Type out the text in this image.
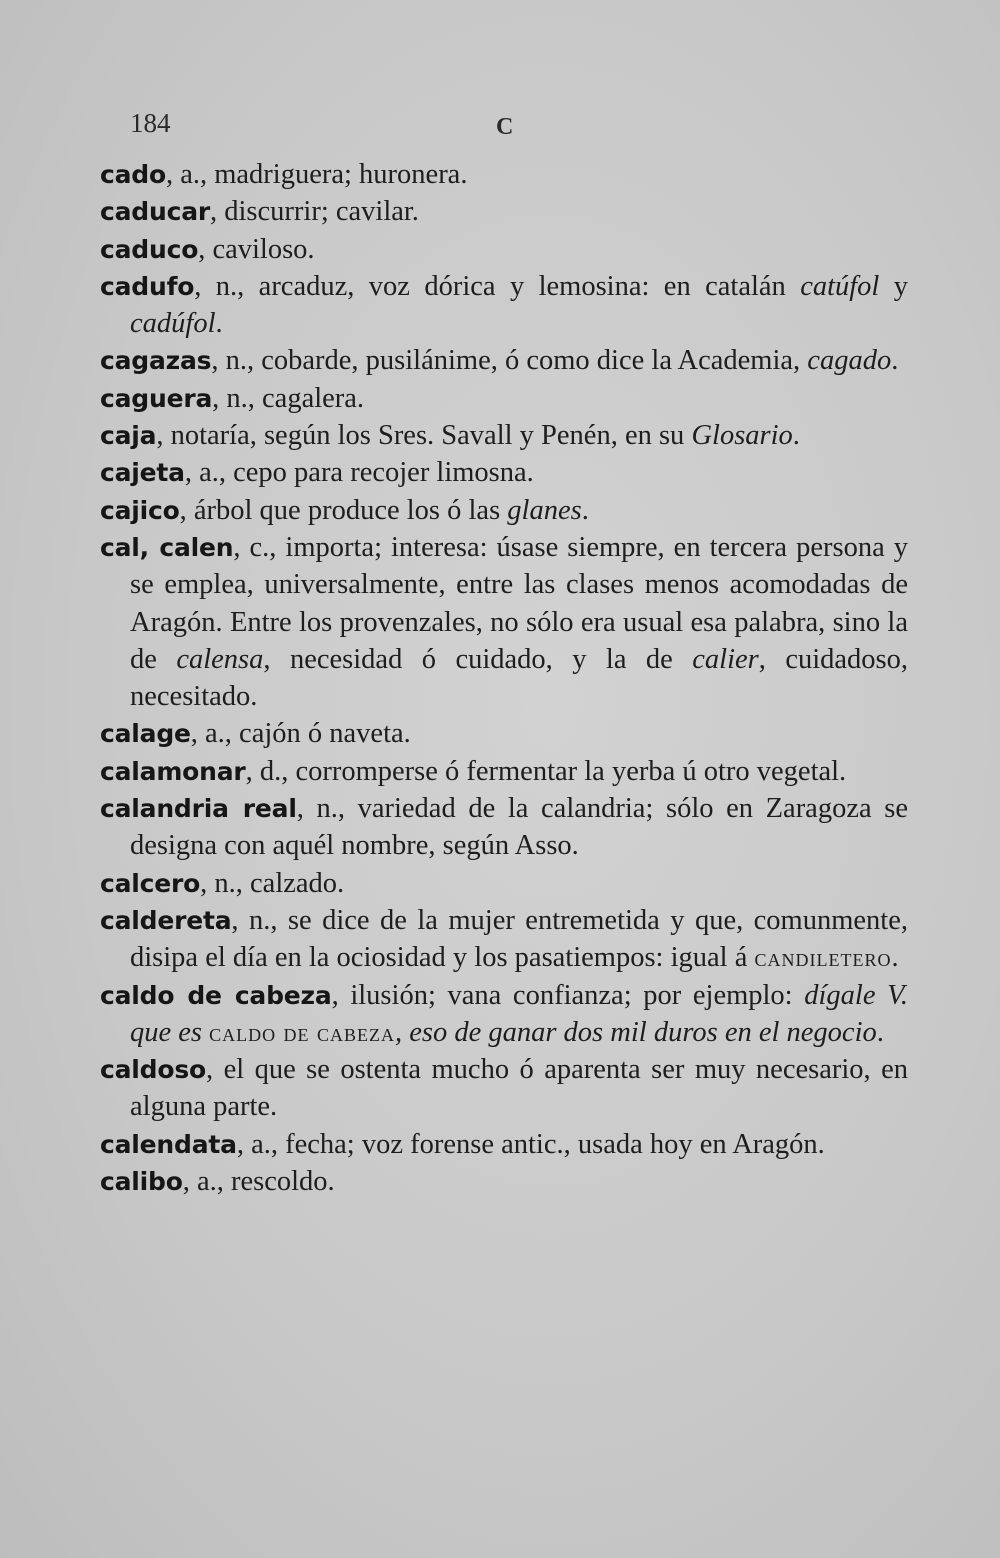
184	C

cado, a., madriguera; huronera.

caducar, discurrir; cavilar.

caduco, caviloso.

cadufo, n., arcaduz, voz dórica y lemosina: en catalán catúfol y cadúfol.

cagazas, n., cobarde, pusilánime, ó como dice la Academia, cagado.

caguera, n., cagalera.

caja, notaría, según los Sres. Savall y Penén, en su Glosario.

cajeta, a., cepo para recojer limosna.

cajico, árbol que produce los ó las glanes.

cal, calen, c., importa; interesa: úsase siempre, en tercera persona y se emplea, universalmente, entre las clases menos acomodadas de Aragón. Entre los provenzales, no sólo era usual esa palabra, sino la de calensa, necesidad ó cuidado, y la de calier, cuidadoso, necesitado.

calage, a., cajón ó naveta.

calamonar, d., corromperse ó fermentar la yerba ú otro vegetal.

calandria real, n., variedad de la calandria; sólo en Zaragoza se designa con aquél nombre, según Asso.

calcero, n., calzado.

caldereta, n., se dice de la mujer entremetida y que, comunmente, disipa el día en la ociosidad y los pasatiempos: igual á candiletero.

caldo de cabeza, ilusión; vana confianza; por ejemplo: dígale V. que es caldo de cabeza, eso de ganar dos mil duros en el negocio.

caldoso, el que se ostenta mucho ó aparenta ser muy necesario, en alguna parte.

calendata, a., fecha; voz forense antic., usada hoy en Aragón.

calibo, a., rescoldo.
